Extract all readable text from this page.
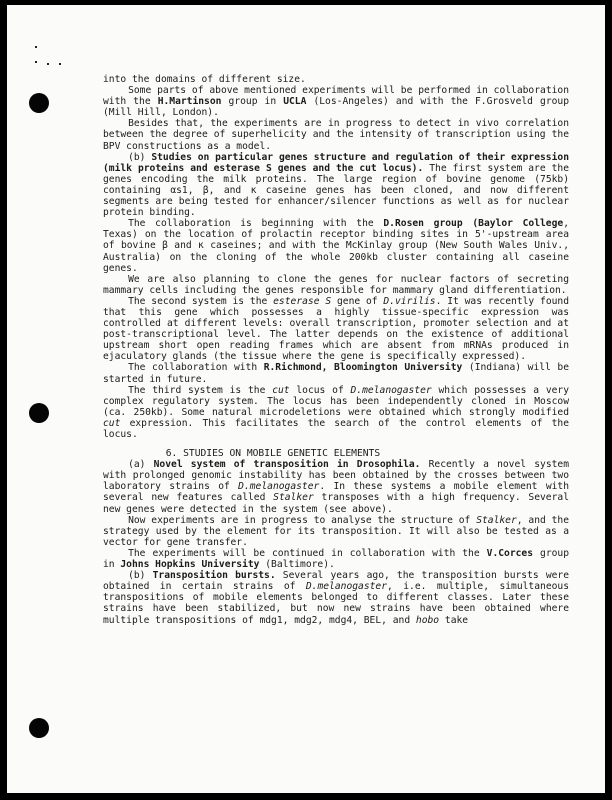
into the domains of different size.

Some parts of above mentioned experiments will be performed in collaboration with the H.Martinson group in UCLA (Los-Angeles) and with the F.Grosveld group (Mill Hill, London).

Besides that, the experiments are in progress to detect in vivo correlation between the degree of superhelicity and the intensity of transcription using the BPV constructions as a model.

(b) Studies on particular genes structure and regulation of their expression (milk proteins and esterase S genes and the cut locus). The first system are the genes encoding the milk proteins. The large region of bovine genome (75kb) containing αs1, β, and κ caseine genes has been cloned, and now different segments are being tested for enhancer/silencer functions as well as for nuclear protein binding.

The collaboration is beginning with the D.Rosen group (Baylor College, Texas) on the location of prolactin receptor binding sites in 5'-upstream area of bovine β and κ caseines; and with the McKinlay group (New South Wales Univ., Australia) on the cloning of the whole 200kb cluster containing all caseine genes.

We are also planning to clone the genes for nuclear factors of secreting mammary cells including the genes responsible for mammary gland differentiation.

The second system is the esterase S gene of D.virilis. It was recently found that this gene which possesses a highly tissue-specific expression was controlled at different levels: overall transcription, promoter selection and at post-transcriptional level. The latter depends on the existence of additional upstream short open reading frames which are absent from mRNAs produced in ejaculatory glands (the tissue where the gene is specifically expressed).

The collaboration with R.Richmond, Bloomington University (Indiana) will be started in future.

The third system is the cut locus of D.melanogaster which possesses a very complex regulatory system. The locus has been independently cloned in Moscow (ca. 250kb). Some natural microdeletions were obtained which strongly modified cut expression. This facilitates the search of the control elements of the locus.

6. STUDIES ON MOBILE GENETIC ELEMENTS

(a) Novel system of transposition in Drosophila. Recently a novel system with prolonged genomic instability has been obtained by the crosses between two laboratory strains of D.melanogaster. In these systems a mobile element with several new features called Stalker transposes with a high frequency. Several new genes were detected in the system (see above).

Now experiments are in progress to analyse the structure of Stalker, and the strategy used by the element for its transposition. It will also be tested as a vector for gene transfer.

The experiments will be continued in collaboration with the V.Corces group in Johns Hopkins University (Baltimore).

(b) Transposition bursts. Several years ago, the transposition bursts were obtained in certain strains of D.melanogaster, i.e. multiple, simultaneous transpositions of mobile elements belonged to different classes. Later these strains have been stabilized, but now new strains have been obtained where multiple transpositions of mdg1, mdg2, mdg4, BEL, and hobo take
